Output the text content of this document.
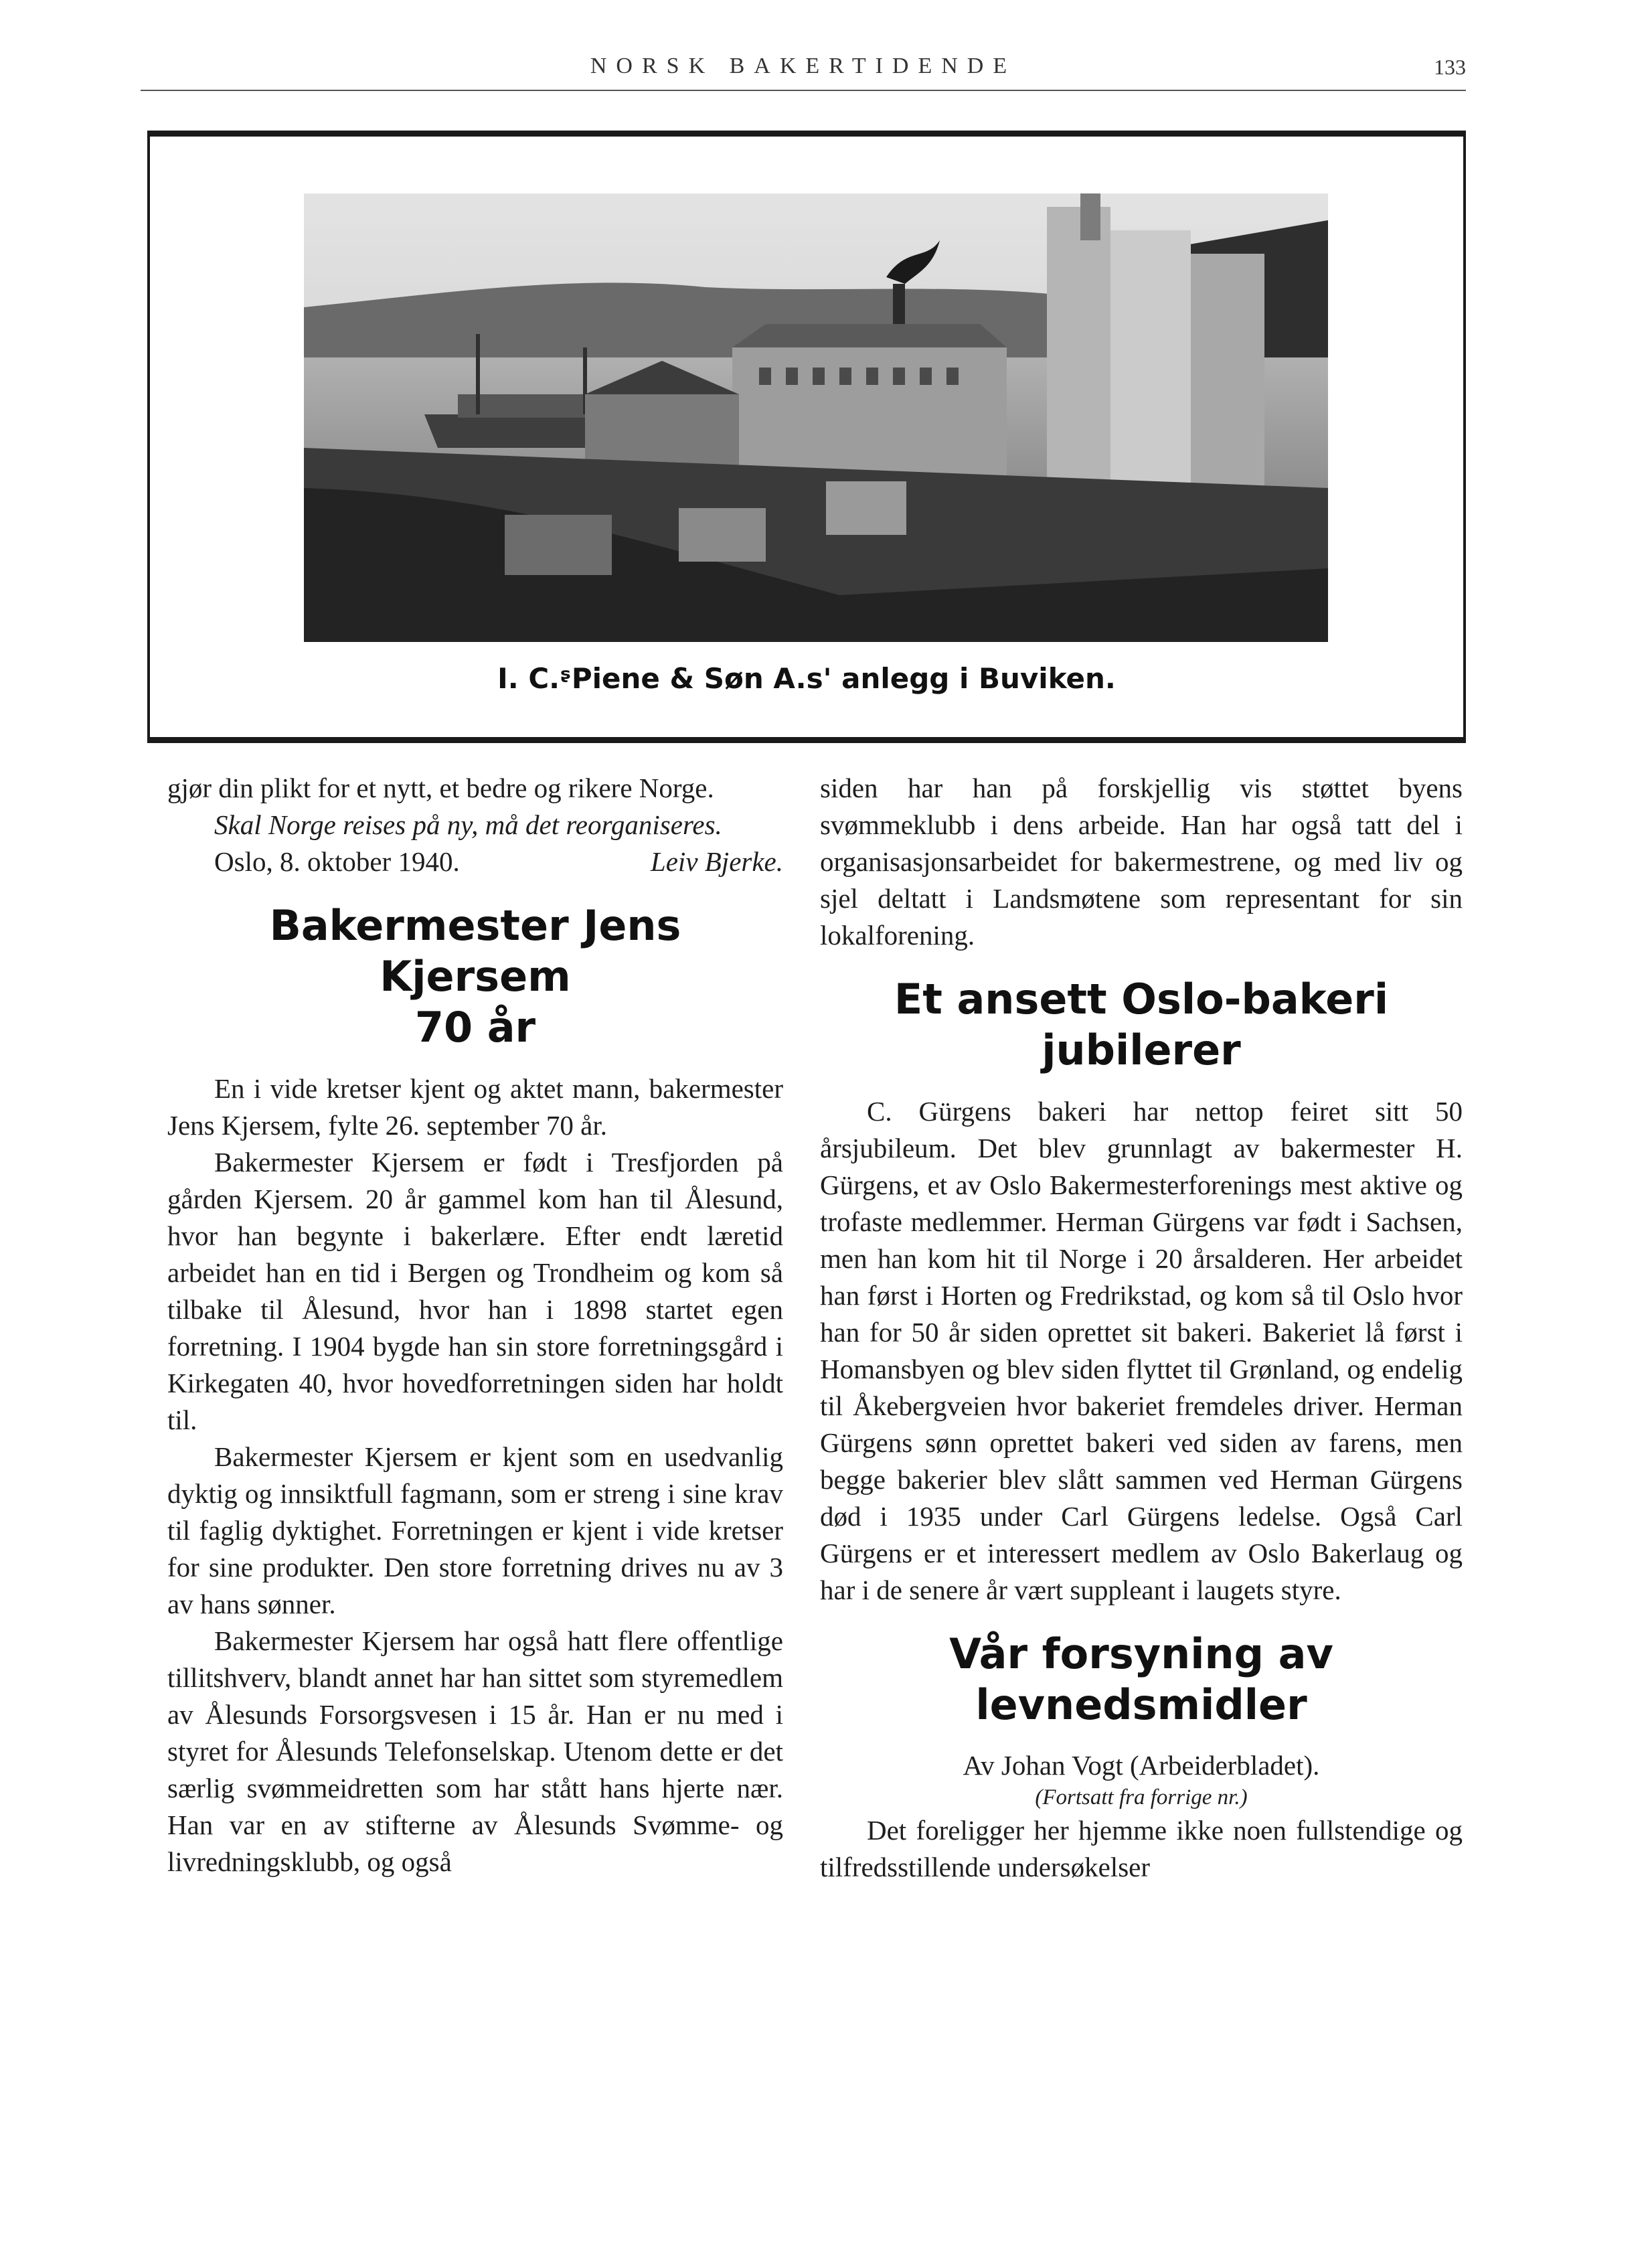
NORSK BAKERTIDENDE	133
I. C.ᶳPiene & Søn A.s' anlegg i Buviken.

gjør din plikt for et nytt, et bedre og rikere Norge.

Skal Norge reises på ny, må det reorganiseres.

Oslo, 8. oktober 1940.	Leiv Bjerke.
Bakermester Jens Kjersem
70 år

En i vide kretser kjent og aktet mann, bakermester Jens Kjersem, fylte 26. september 70 år.

Bakermester Kjersem er født i Tresfjorden på gården Kjersem. 20 år gammel kom han til Ålesund, hvor han begynte i bakerlære. Efter endt læretid arbeidet han en tid i Bergen og Trondheim og kom så tilbake til Ålesund, hvor han i 1898 startet egen forretning. I 1904 bygde han sin store forretningsgård i Kirkegaten 40, hvor hovedforretningen siden har holdt til.

Bakermester Kjersem er kjent som en usedvanlig dyktig og innsiktfull fagmann, som er streng i sine krav til faglig dyktighet. Forretningen er kjent i vide kretser for sine produkter. Den store forretning drives nu av 3 av hans sønner.

Bakermester Kjersem har også hatt flere offentlige tillitshverv, blandt annet har han sittet som styremedlem av Ålesunds Forsorgsvesen i 15 år. Han er nu med i styret for Ålesunds Telefonselskap. Utenom dette er det særlig svømmeidretten som har stått hans hjerte nær. Han var en av stifterne av Ålesunds Svømme- og livredningsklubb, og også

siden har han på forskjellig vis støttet byens svømmeklubb i dens arbeide. Han har også tatt del i organisasjonsarbeidet for bakermestrene, og med liv og sjel deltatt i Landsmøtene som representant for sin lokalforening.

Et ansett Oslo-bakeri
jubilerer

C. Gürgens bakeri har nettop feiret sitt 50 årsjubileum. Det blev grunnlagt av bakermester H. Gürgens, et av Oslo Bakermesterforenings mest aktive og trofaste medlemmer. Herman Gürgens var født i Sachsen, men han kom hit til Norge i 20 årsalderen. Her arbeidet han først i Horten og Fredrikstad, og kom så til Oslo hvor han for 50 år siden oprettet sit bakeri. Bakeriet lå først i Homansbyen og blev siden flyttet til Grønland, og endelig til Åkebergveien hvor bakeriet fremdeles driver. Herman Gürgens sønn oprettet bakeri ved siden av farens, men begge bakerier blev slått sammen ved Herman Gürgens død i 1935 under Carl Gürgens ledelse. Også Carl Gürgens er et interessert medlem av Oslo Bakerlaug og har i de senere år vært suppleant i laugets styre.

Vår forsyning av
levnedsmidler
Av Johan Vogt (Arbeiderbladet).
(Fortsatt fra forrige nr.)

Det foreligger her hjemme ikke noen fullstendige og tilfredsstillende undersøkelser
